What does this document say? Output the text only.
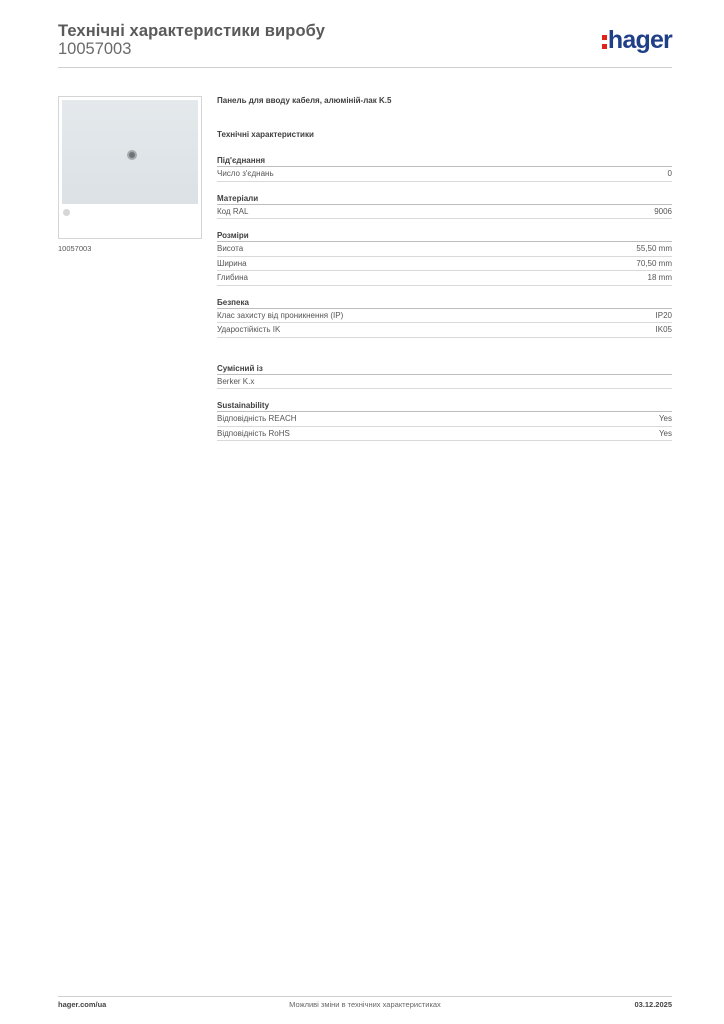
Технічні характеристики виробу
10057003	hager
10057003
Панель для вводу кабеля, алюміній-лак K.5
Технічні характеристики
Під'єднання
Число з'єднань	0
Матеріали
Код RAL	9006
Розміри
Висота	55,50 mm
Ширина	70,50 mm
Глибина	18 mm
Безпека
Клас захисту від проникнення (IP)	IP20
Ударостійкість IK	IK05
Сумісний із
Berker K.x
Sustainability
Відповідність REACH	Yes
Відповідність RoHS	Yes
hager.com/ua	Можливі зміни в технічних характеристиках	03.12.2025
